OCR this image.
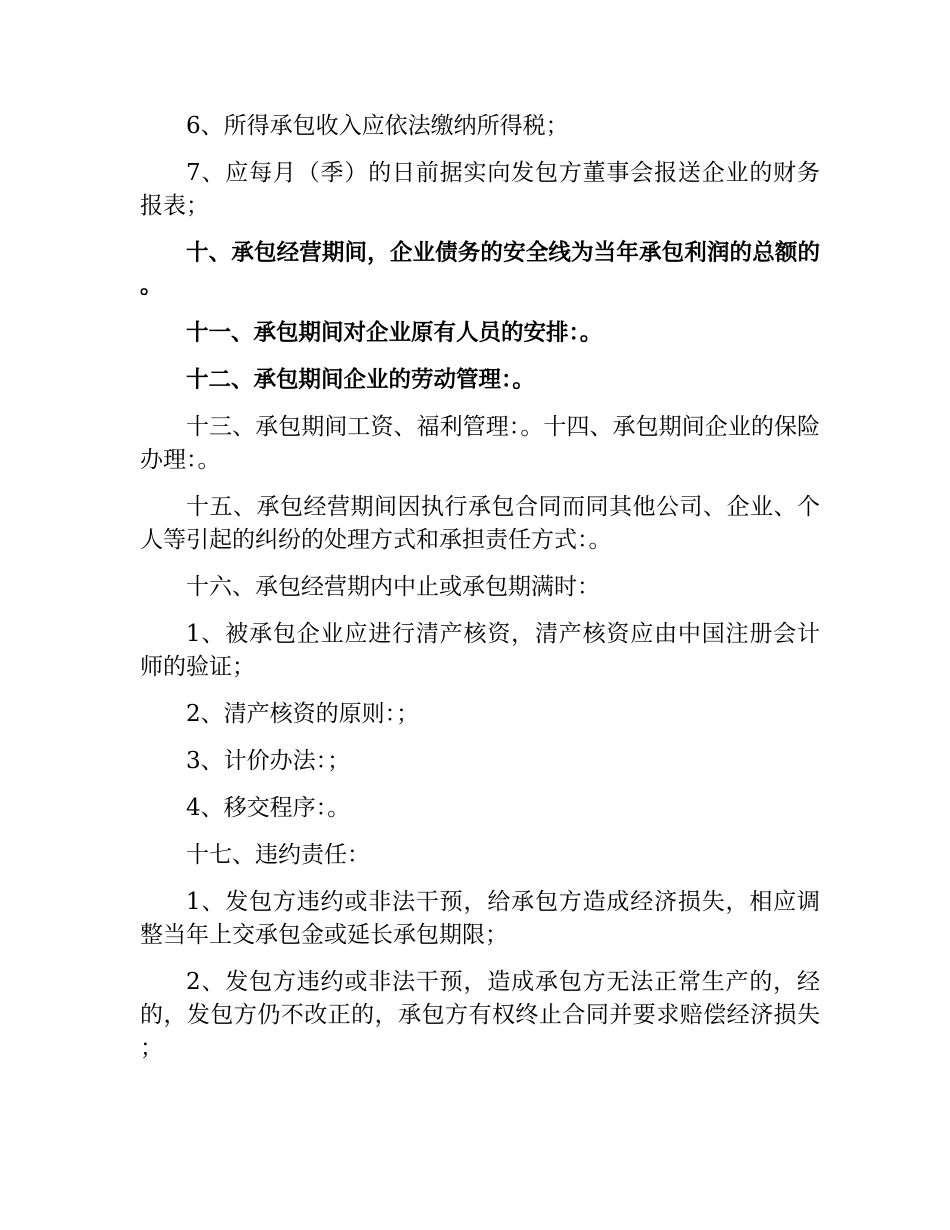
6、所得承包收入应依法缴纳所得税；

7、应每月（季）的日前据实向发包方董事会报送企业的财务报表；

十、承包经营期间，企业债务的安全线为当年承包利润的总额的。

十一、承包期间对企业原有人员的安排：。

十二、承包期间企业的劳动管理：。

十三、承包期间工资、福利管理：。十四、承包期间企业的保险办理：。

十五、承包经营期间因执行承包合同而同其他公司、企业、个人等引起的纠纷的处理方式和承担责任方式：。

十六、承包经营期内中止或承包期满时：

1、被承包企业应进行清产核资，清产核资应由中国注册会计师的验证；

2、清产核资的原则：；

3、计价办法：；

4、移交程序：。

十七、违约责任：

1、发包方违约或非法干预，给承包方造成经济损失，相应调整当年上交承包金或延长承包期限；

2、发包方违约或非法干预，造成承包方无法正常生产的，经的，发包方仍不改正的，承包方有权终止合同并要求赔偿经济损失；
